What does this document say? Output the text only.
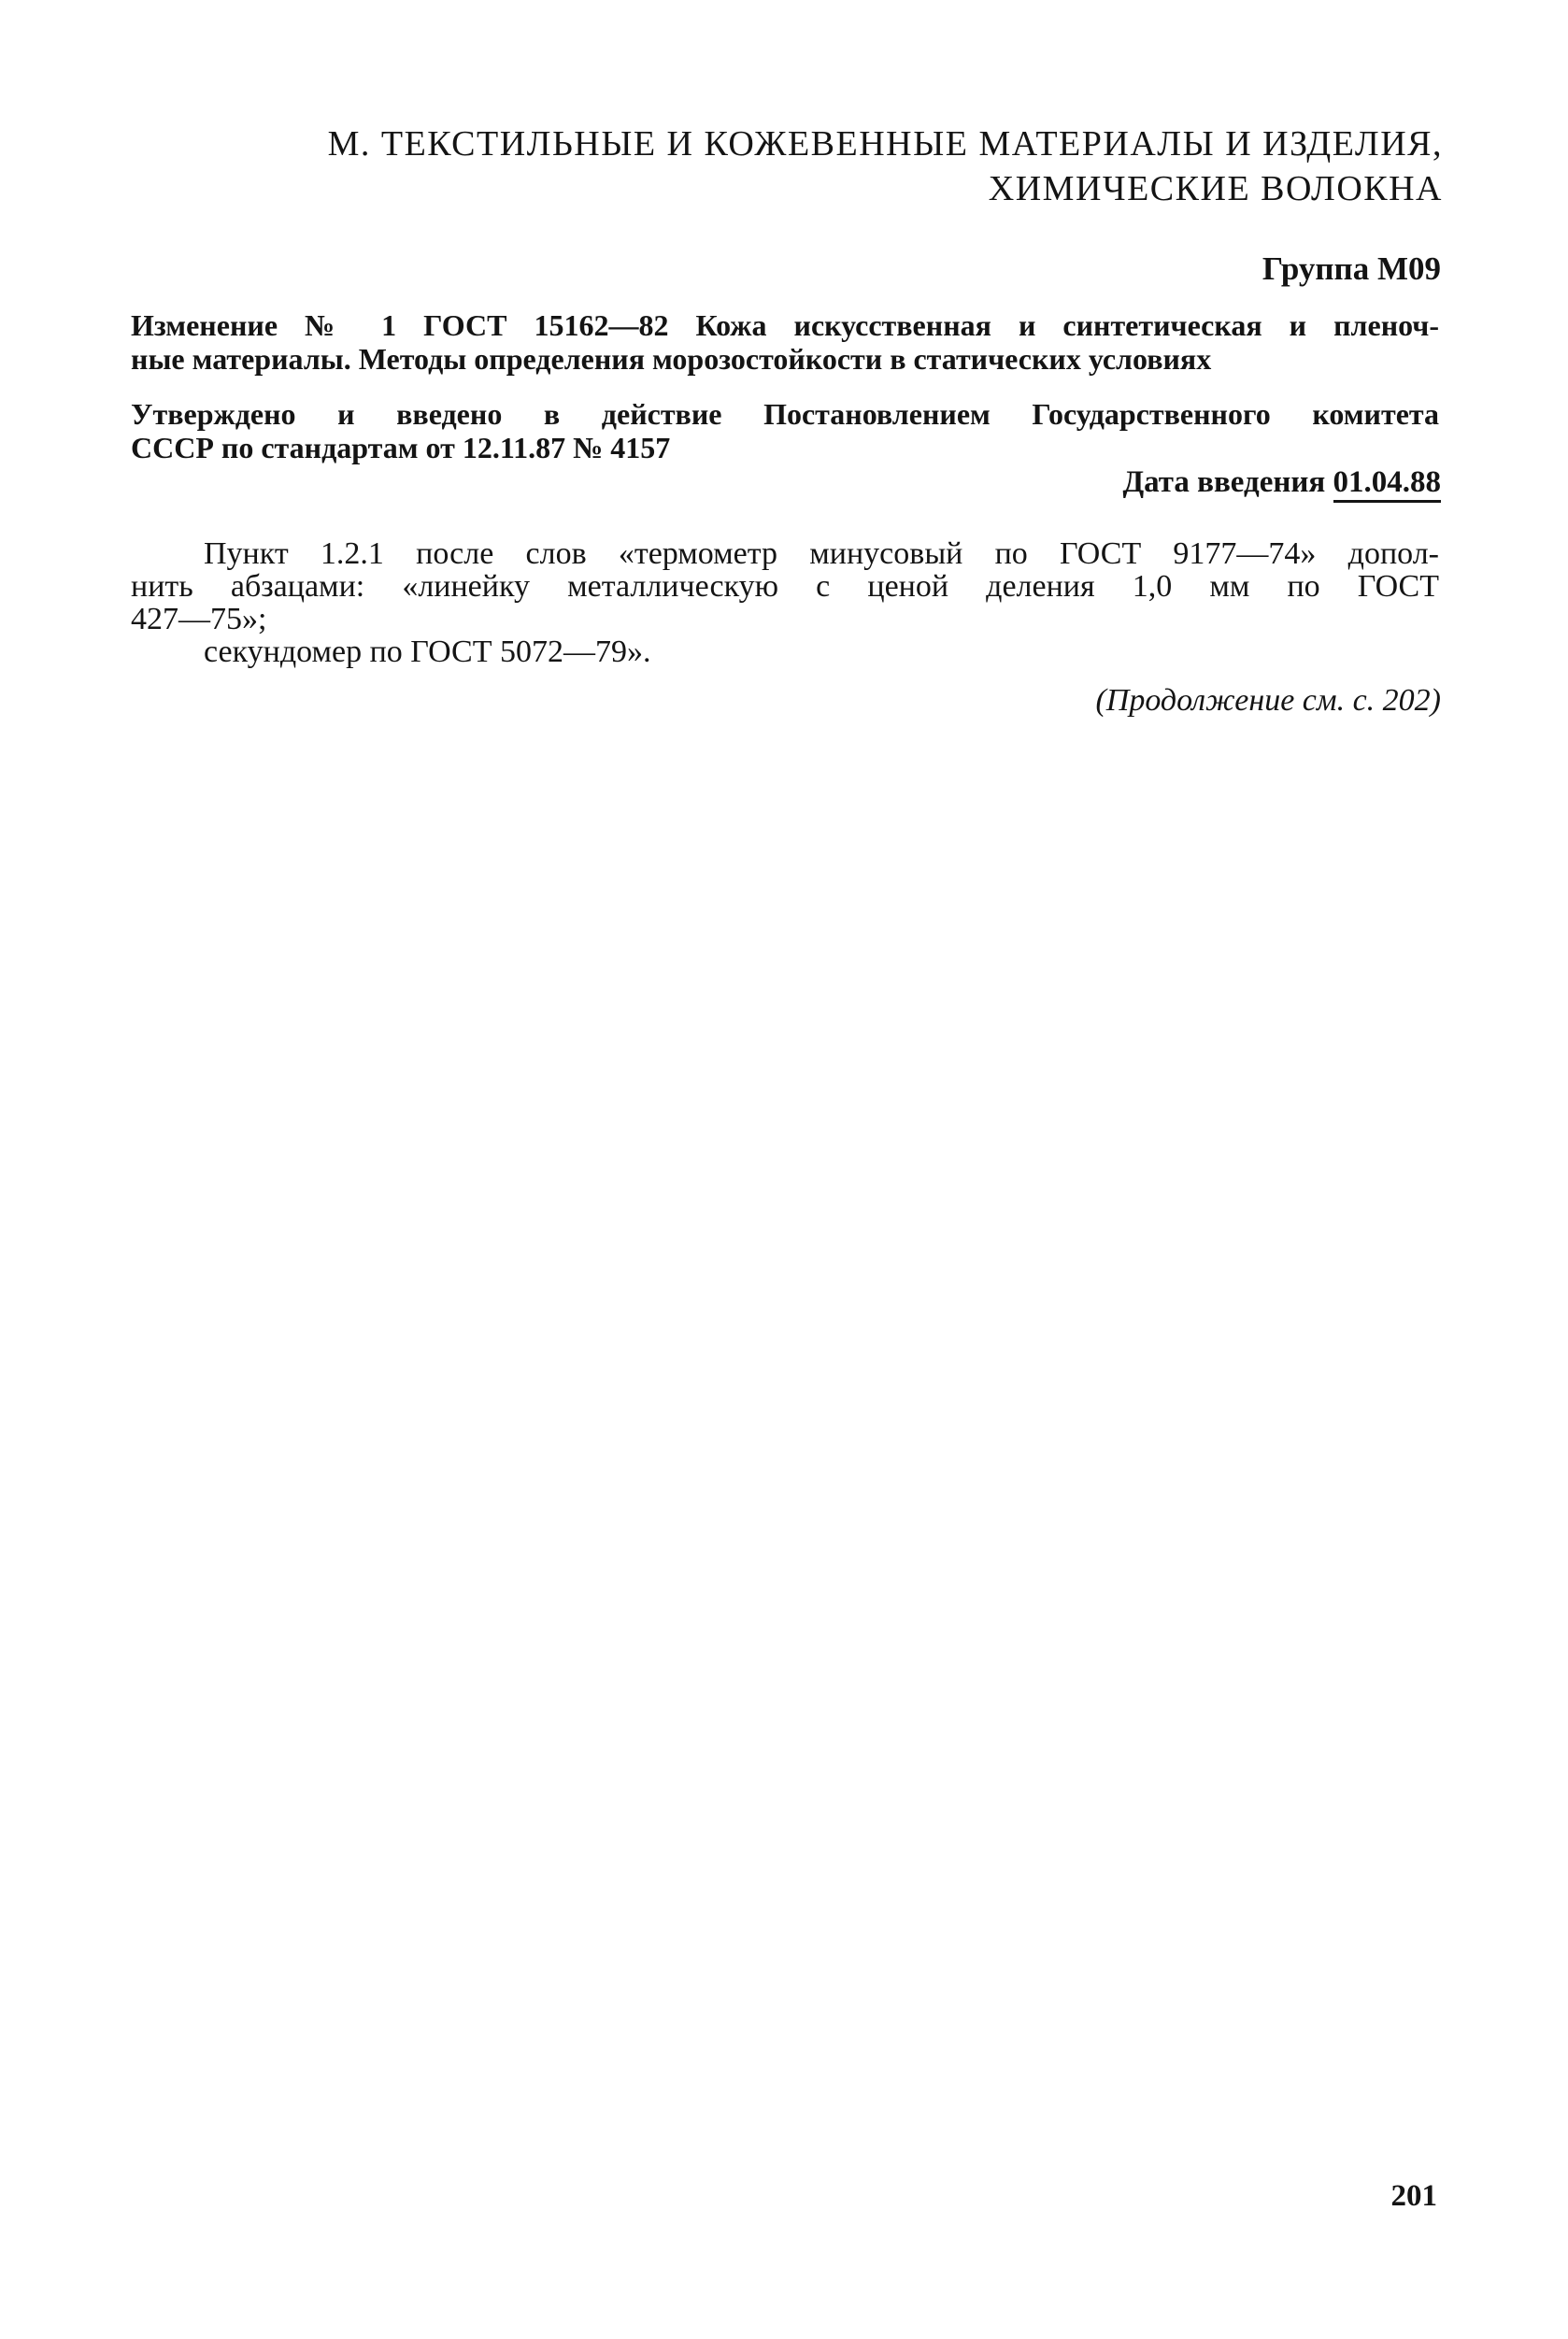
М. ТЕКСТИЛЬНЫЕ И КОЖЕВЕННЫЕ МАТЕРИАЛЫ И ИЗДЕЛИЯ,
ХИМИЧЕСКИЕ ВОЛОКНА
Группа М09
Изменение № 1 ГОСТ 15162—82 Кожа искусственная и синтетическая и пленоч-
ные материалы. Методы определения морозостойкости в статических условиях
Утверждено и введено в действие Постановлением Государственного комитета
СССР по стандартам от 12.11.87 № 4157
Дата введения 01.04.88
Пункт 1.2.1 после слов «термометр минусовый по ГОСТ 9177—74» допол-
нить абзацами: «линейку металлическую с ценой деления 1,0 мм по ГОСТ
427—75»;
секундомер по ГОСТ 5072—79».
(Продолжение см. с. 202)
201
